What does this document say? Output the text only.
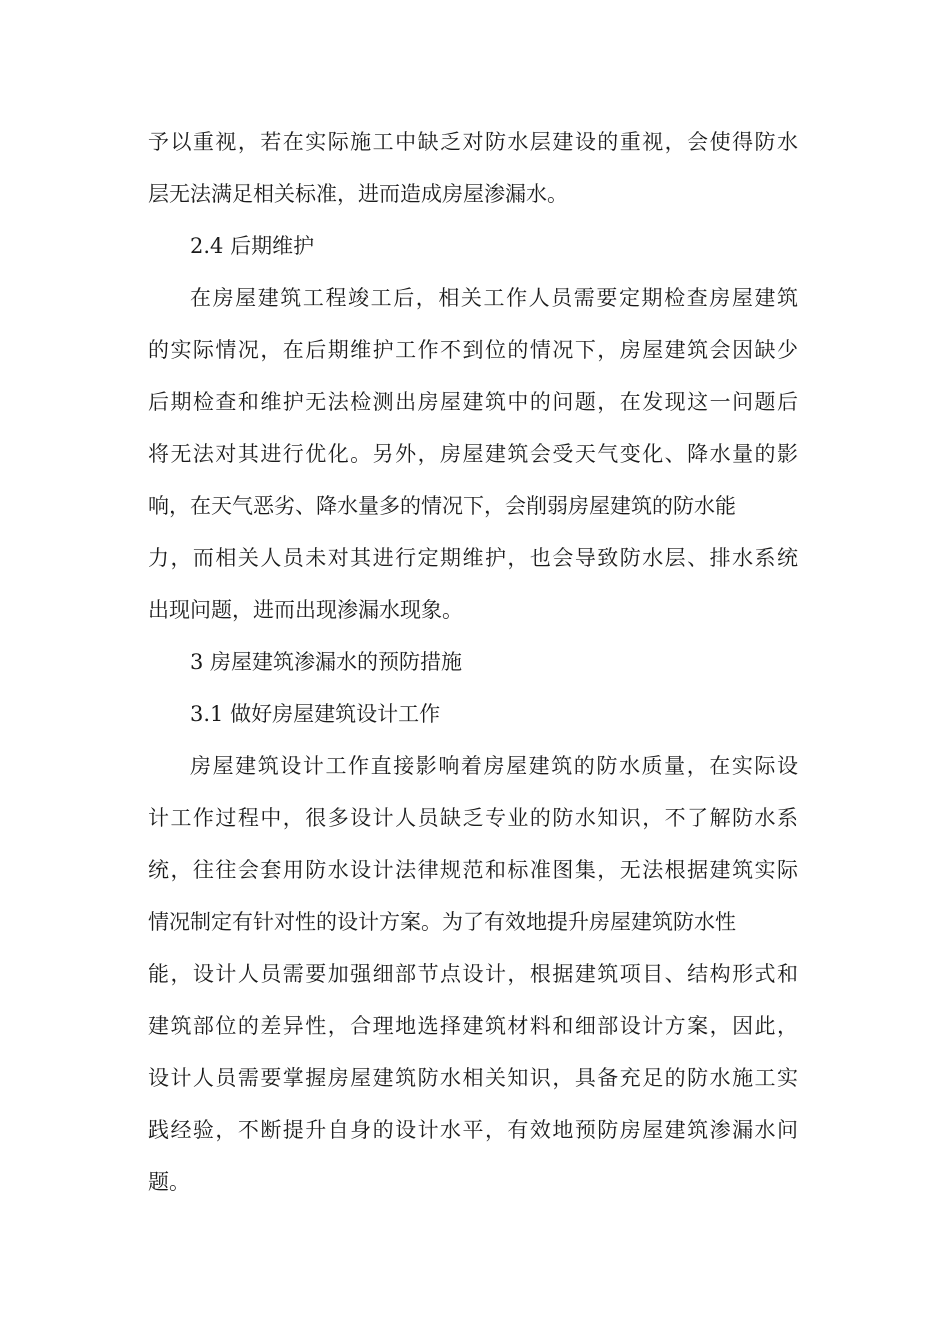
予以重视，若在实际施工中缺乏对防水层建设的重视，会使得防水
层无法满足相关标准，进而造成房屋渗漏水。
2.4 后期维护
在房屋建筑工程竣工后，相关工作人员需要定期检查房屋建筑
的实际情况，在后期维护工作不到位的情况下，房屋建筑会因缺少
后期检查和维护无法检测出房屋建筑中的问题，在发现这一问题后
将无法对其进行优化。另外，房屋建筑会受天气变化、降水量的影
响，在天气恶劣、降水量多的情况下，会削弱房屋建筑的防水能
力，而相关人员未对其进行定期维护，也会导致防水层、排水系统
出现问题，进而出现渗漏水现象。
3 房屋建筑渗漏水的预防措施
3.1 做好房屋建筑设计工作
房屋建筑设计工作直接影响着房屋建筑的防水质量，在实际设
计工作过程中，很多设计人员缺乏专业的防水知识，不了解防水系
统，往往会套用防水设计法律规范和标准图集，无法根据建筑实际
情况制定有针对性的设计方案。为了有效地提升房屋建筑防水性
能，设计人员需要加强细部节点设计，根据建筑项目、结构形式和
建筑部位的差异性，合理地选择建筑材料和细部设计方案，因此，
设计人员需要掌握房屋建筑防水相关知识，具备充足的防水施工实
践经验，不断提升自身的设计水平，有效地预防房屋建筑渗漏水问
题。
